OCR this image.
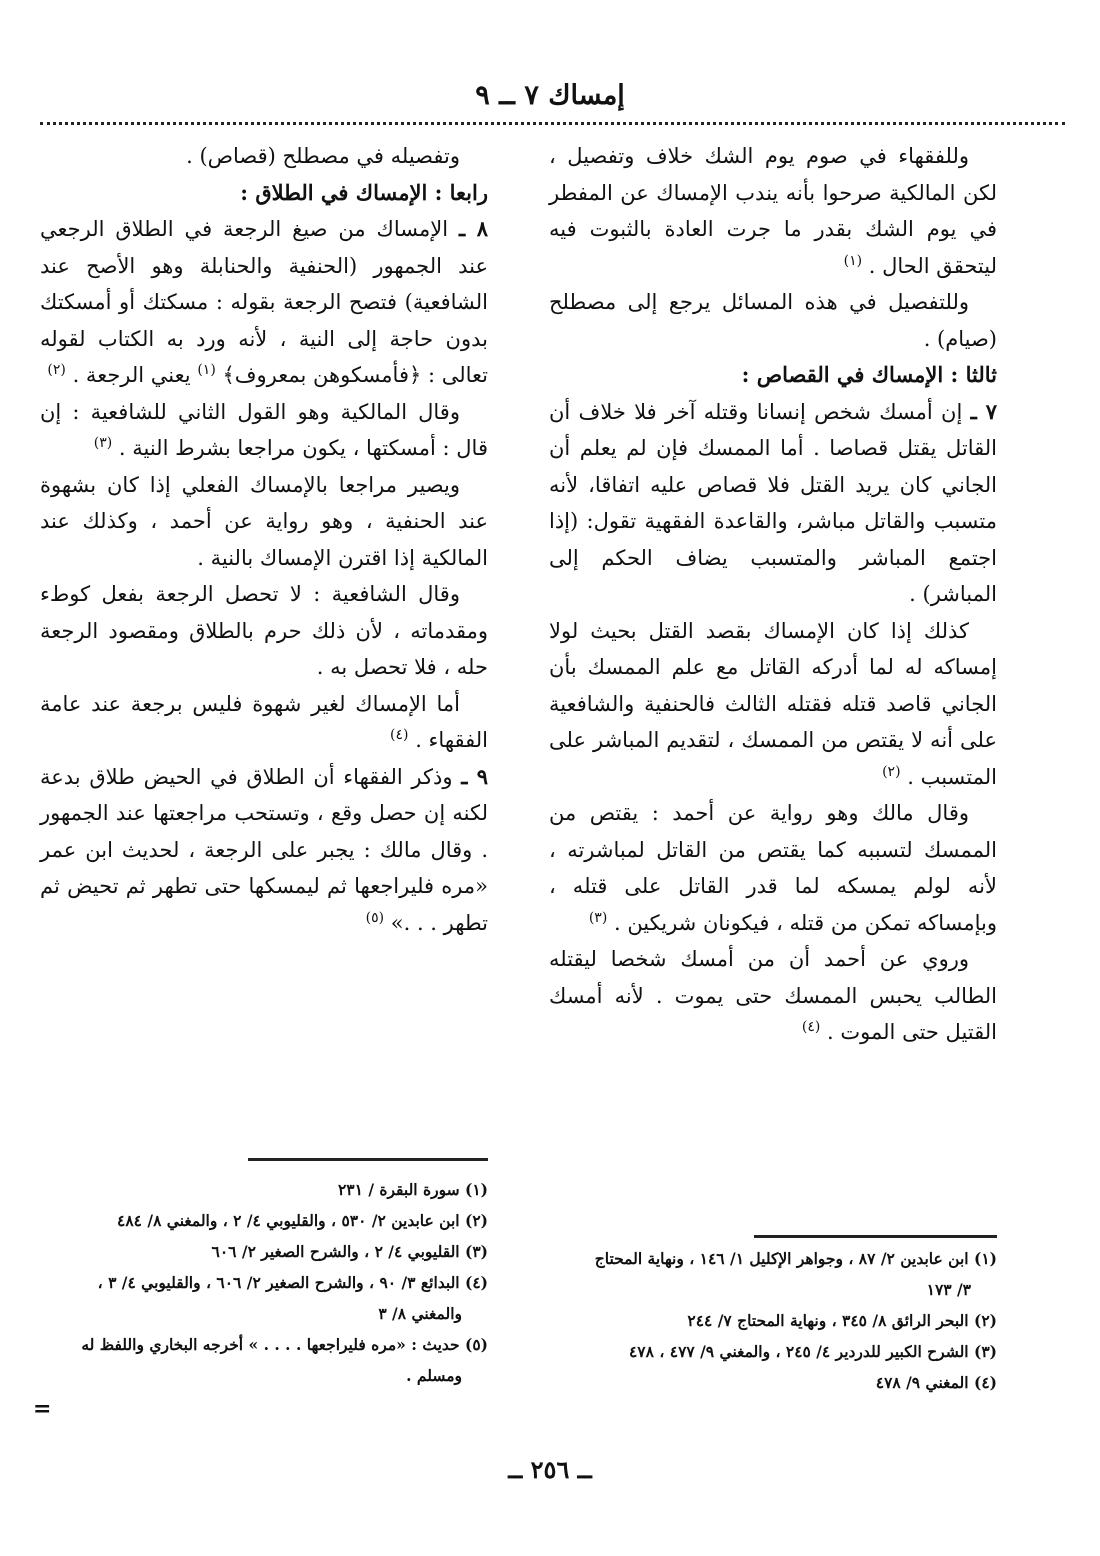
إمساك ٧ ــ ٩

وللفقهاء في صوم يوم الشك خلاف وتفصيل ، لكن المالكية صرحوا بأنه يندب الإمساك عن المفطر في يوم الشك بقدر ما جرت العادة بالثبوت فيه ليتحقق الحال . $^{(١)}$

وللتفصيل في هذه المسائل يرجع إلى مصطلح (صيام) .

ثالثا : الإمساك في القصاص :

٧ ـ إن أمسك شخص إنسانا وقتله آخر فلا خلاف أن القاتل يقتل قصاصا . أما الممسك فإن لم يعلم أن الجاني كان يريد القتل فلا قصاص عليه اتفاقا، لأنه متسبب والقاتل مباشر، والقاعدة الفقهية تقول: (إذا اجتمع المباشر والمتسبب يضاف الحكم إلى المباشر) .

كذلك إذا كان الإمساك بقصد القتل بحيث لولا إمساكه له لما أدركه القاتل مع علم الممسك بأن الجاني قاصد قتله فقتله الثالث فالحنفية والشافعية على أنه لا يقتص من الممسك ، لتقديم المباشر على المتسبب . $^{(٢)}$

وقال مالك وهو رواية عن أحمد : يقتص من الممسك لتسببه كما يقتص من القاتل لمباشرته ، لأنه لولم يمسكه لما قدر القاتل على قتله ، وبإمساكه تمكن من قتله ، فيكونان شريكين . $^{(٣)}$

وروي عن أحمد أن من أمسك شخصا ليقتله الطالب يحبس الممسك حتى يموت . لأنه أمسك القتيل حتى الموت . $^{(٤)}$

وتفصيله في مصطلح (قصاص) .

رابعا : الإمساك في الطلاق :

٨ ـ الإمساك من صيغ الرجعة في الطلاق الرجعي عند الجمهور (الحنفية والحنابلة وهو الأصح عند الشافعية) فتصح الرجعة بقوله : مسكتك أو أمسكتك بدون حاجة إلى النية ، لأنه ورد به الكتاب لقوله تعالى : ﴿فأمسكوهن بمعروف﴾ $^{(١)}$ يعني الرجعة . $^{(٢)}$

وقال المالكية وهو القول الثاني للشافعية : إن قال : أمسكتها ، يكون مراجعا بشرط النية . $^{(٣)}$

ويصير مراجعا بالإمساك الفعلي إذا كان بشهوة عند الحنفية ، وهو رواية عن أحمد ، وكذلك عند المالكية إذا اقترن الإمساك بالنية .

وقال الشافعية : لا تحصل الرجعة بفعل كوطء ومقدماته ، لأن ذلك حرم بالطلاق ومقصود الرجعة حله ، فلا تحصل به .

أما الإمساك لغير شهوة فليس برجعة عند عامة الفقهاء . $^{(٤)}$

٩ ـ وذكر الفقهاء أن الطلاق في الحيض طلاق بدعة لكنه إن حصل وقع ، وتستحب مراجعتها عند الجمهور . وقال مالك : يجبر على الرجعة ، لحديث ابن عمر «مره فليراجعها ثم ليمسكها حتى تطهر ثم تحيض ثم تطهر . . .» $^{(٥)}$

(١) ابن عابدين ٢/ ٨٧ ، وجواهر الإكليل ١/ ١٤٦ ، ونهاية المحتاج

٣/ ١٧٣

(٢) البحر الرائق ٨/ ٣٤٥ ، ونهاية المحتاج ٧/ ٢٤٤

(٣) الشرح الكبير للدردير ٤/ ٢٤٥ ، والمغني ٩/ ٤٧٧ ، ٤٧٨

(٤) المغني ٩/ ٤٧٨

(١) سورة البقرة / ٢٣١

(٢) ابن عابدين ٢/ ٥٣٠ ، والقليوبي ٤/ ٢ ، والمغني ٨/ ٤٨٤

(٣) القليوبي ٤/ ٢ ، والشرح الصغير ٢/ ٦٠٦

(٤) البدائع ٣/ ٩٠ ، والشرح الصغير ٢/ ٦٠٦ ، والقليوبي ٤/ ٣ ،

والمغني ٨/ ٣

(٥) حديث : «مره فليراجعها . . . . » أخرجه البخاري واللفظ له

ومسلم .

=
ــ ٢٥٦ ــ
